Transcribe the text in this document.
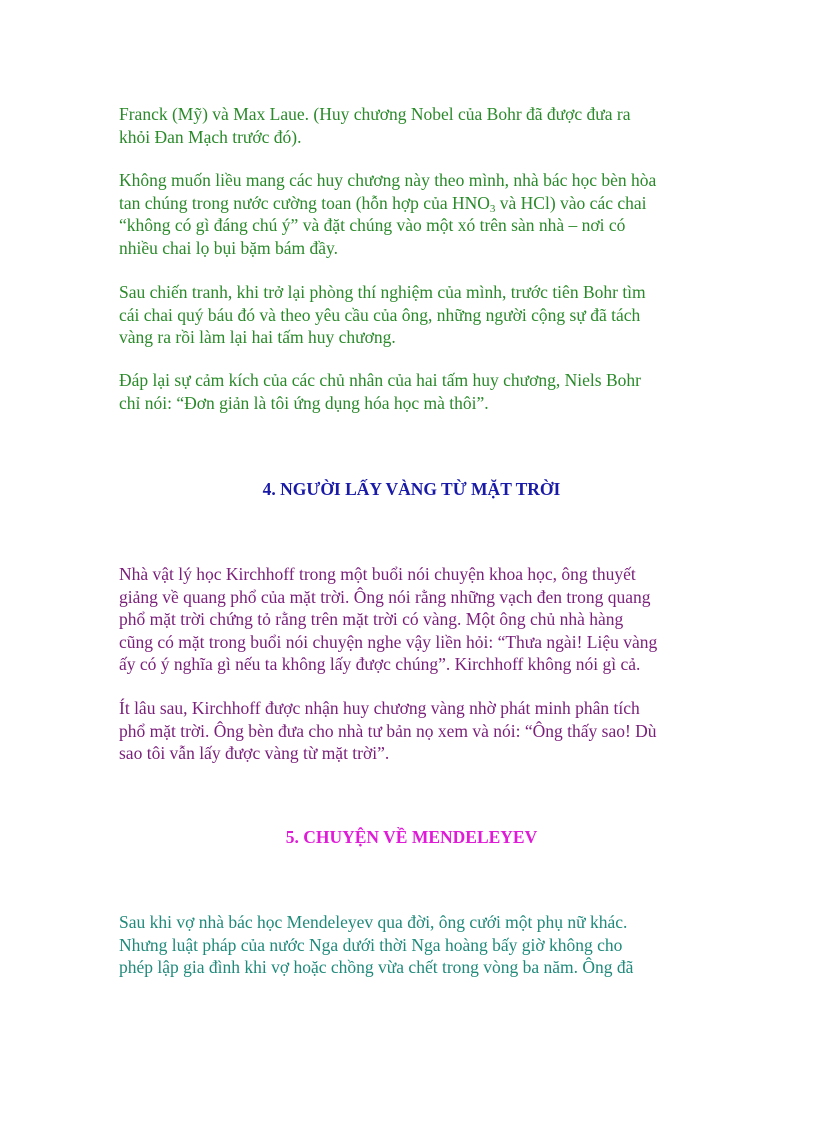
Franck (Mỹ) và Max Laue. (Huy chương Nobel của Bohr đã được đưa ra
khỏi Đan Mạch trước đó).

Không muốn liều mang các huy chương này theo mình, nhà bác học bèn hòa
tan chúng trong nước cường toan (hỗn hợp của $HNO_3$ và HCl) vào các chai
“không có gì đáng chú ý” và đặt chúng vào một xó trên sàn nhà – nơi có
nhiều chai lọ bụi bặm bám đầy.

Sau chiến tranh, khi trở lại phòng thí nghiệm của mình, trước tiên Bohr tìm
cái chai quý báu đó và theo yêu cầu của ông, những người cộng sự đã tách
vàng ra rồi làm lại hai tấm huy chương.

Đáp lại sự cảm kích của các chủ nhân của hai tấm huy chương, Niels Bohr
chỉ nói: “Đơn giản là tôi ứng dụng hóa học mà thôi”.

4. NGƯỜI LẤY VÀNG TỪ MẶT TRỜI

Nhà vật lý học Kirchhoff trong một buổi nói chuyện khoa học, ông thuyết
giảng về quang phổ của mặt trời. Ông nói rằng những vạch đen trong quang
phổ mặt trời chứng tỏ rằng trên mặt trời có vàng. Một ông chủ nhà hàng
cũng có mặt trong buổi nói chuyện nghe vậy liền hỏi: “Thưa ngài! Liệu vàng
ấy có ý nghĩa gì nếu ta không lấy được chúng”. Kirchhoff không nói gì cả.

Ít lâu sau, Kirchhoff được nhận huy chương vàng nhờ phát minh phân tích
phổ mặt trời. Ông bèn đưa cho nhà tư bản nọ xem và nói: “Ông thấy sao! Dù
sao tôi vẫn lấy được vàng từ mặt trời”.

5. CHUYỆN VỀ MENDELEYEV

Sau khi vợ nhà bác học Mendeleyev qua đời, ông cưới một phụ nữ khác.
Nhưng luật pháp của nước Nga dưới thời Nga hoàng bấy giờ không cho
phép lập gia đình khi vợ hoặc chồng vừa chết trong vòng ba năm. Ông đã
